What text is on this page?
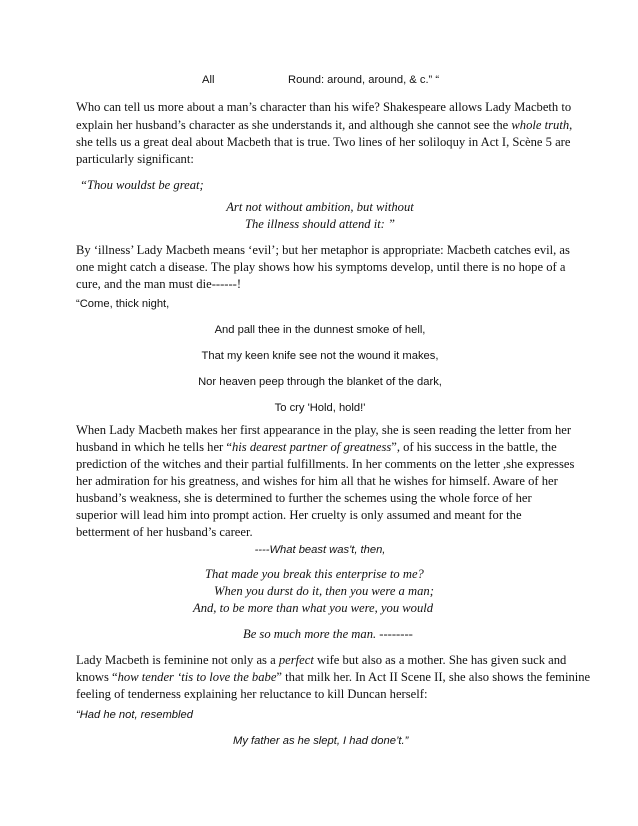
All	Round: around, around, & c.” “
Who can tell us more about a man’s character than his wife? Shakespeare allows Lady Macbeth to
explain her husband’s character as she understands it, and although she cannot see the whole truth,
she tells us a great deal about Macbeth that is true. Two lines of her soliloquy in Act I, Scène 5 are
particularly significant:
“Thou wouldst be great;
Art not without ambition, but without
The illness should attend it: ”
By ‘illness’ Lady Macbeth means ‘evil’; but her metaphor is appropriate: Macbeth catches evil, as
one might catch a disease. The play shows how his symptoms develop, until there is no hope of a
cure, and the man must die------!
“Come, thick night,
And pall thee in the dunnest smoke of hell,
That my keen knife see not the wound it makes,
Nor heaven peep through the blanket of the dark,
To cry 'Hold, hold!'
When Lady Macbeth makes her first appearance in the play, she is seen reading the letter from her
husband in which he tells her “his dearest partner of greatness”, of his success in the battle, the
prediction of the witches and their partial fulfillments. In her comments on the letter ,she expresses
her admiration for his greatness, and wishes for him all that he wishes for himself. Aware of her
husband’s weakness, she is determined to further the schemes using the whole force of her
superior will lead him into prompt action. Her cruelty is only assumed and meant for the
betterment of her husband’s career.
----What beast was't, then,
That made you break this enterprise to me?
When you durst do it, then you were a man;
And, to be more than what you were, you would
Be so much more the man. --------
Lady Macbeth is feminine not only as a perfect wife but also as a mother. She has given suck and
knows “how tender ‘tis to love the babe” that milk her. In Act II Scene II, she also shows the feminine
feeling of tenderness explaining her reluctance to kill Duncan herself:
“Had he not, resembled
My father as he slept, I had done’t.”
